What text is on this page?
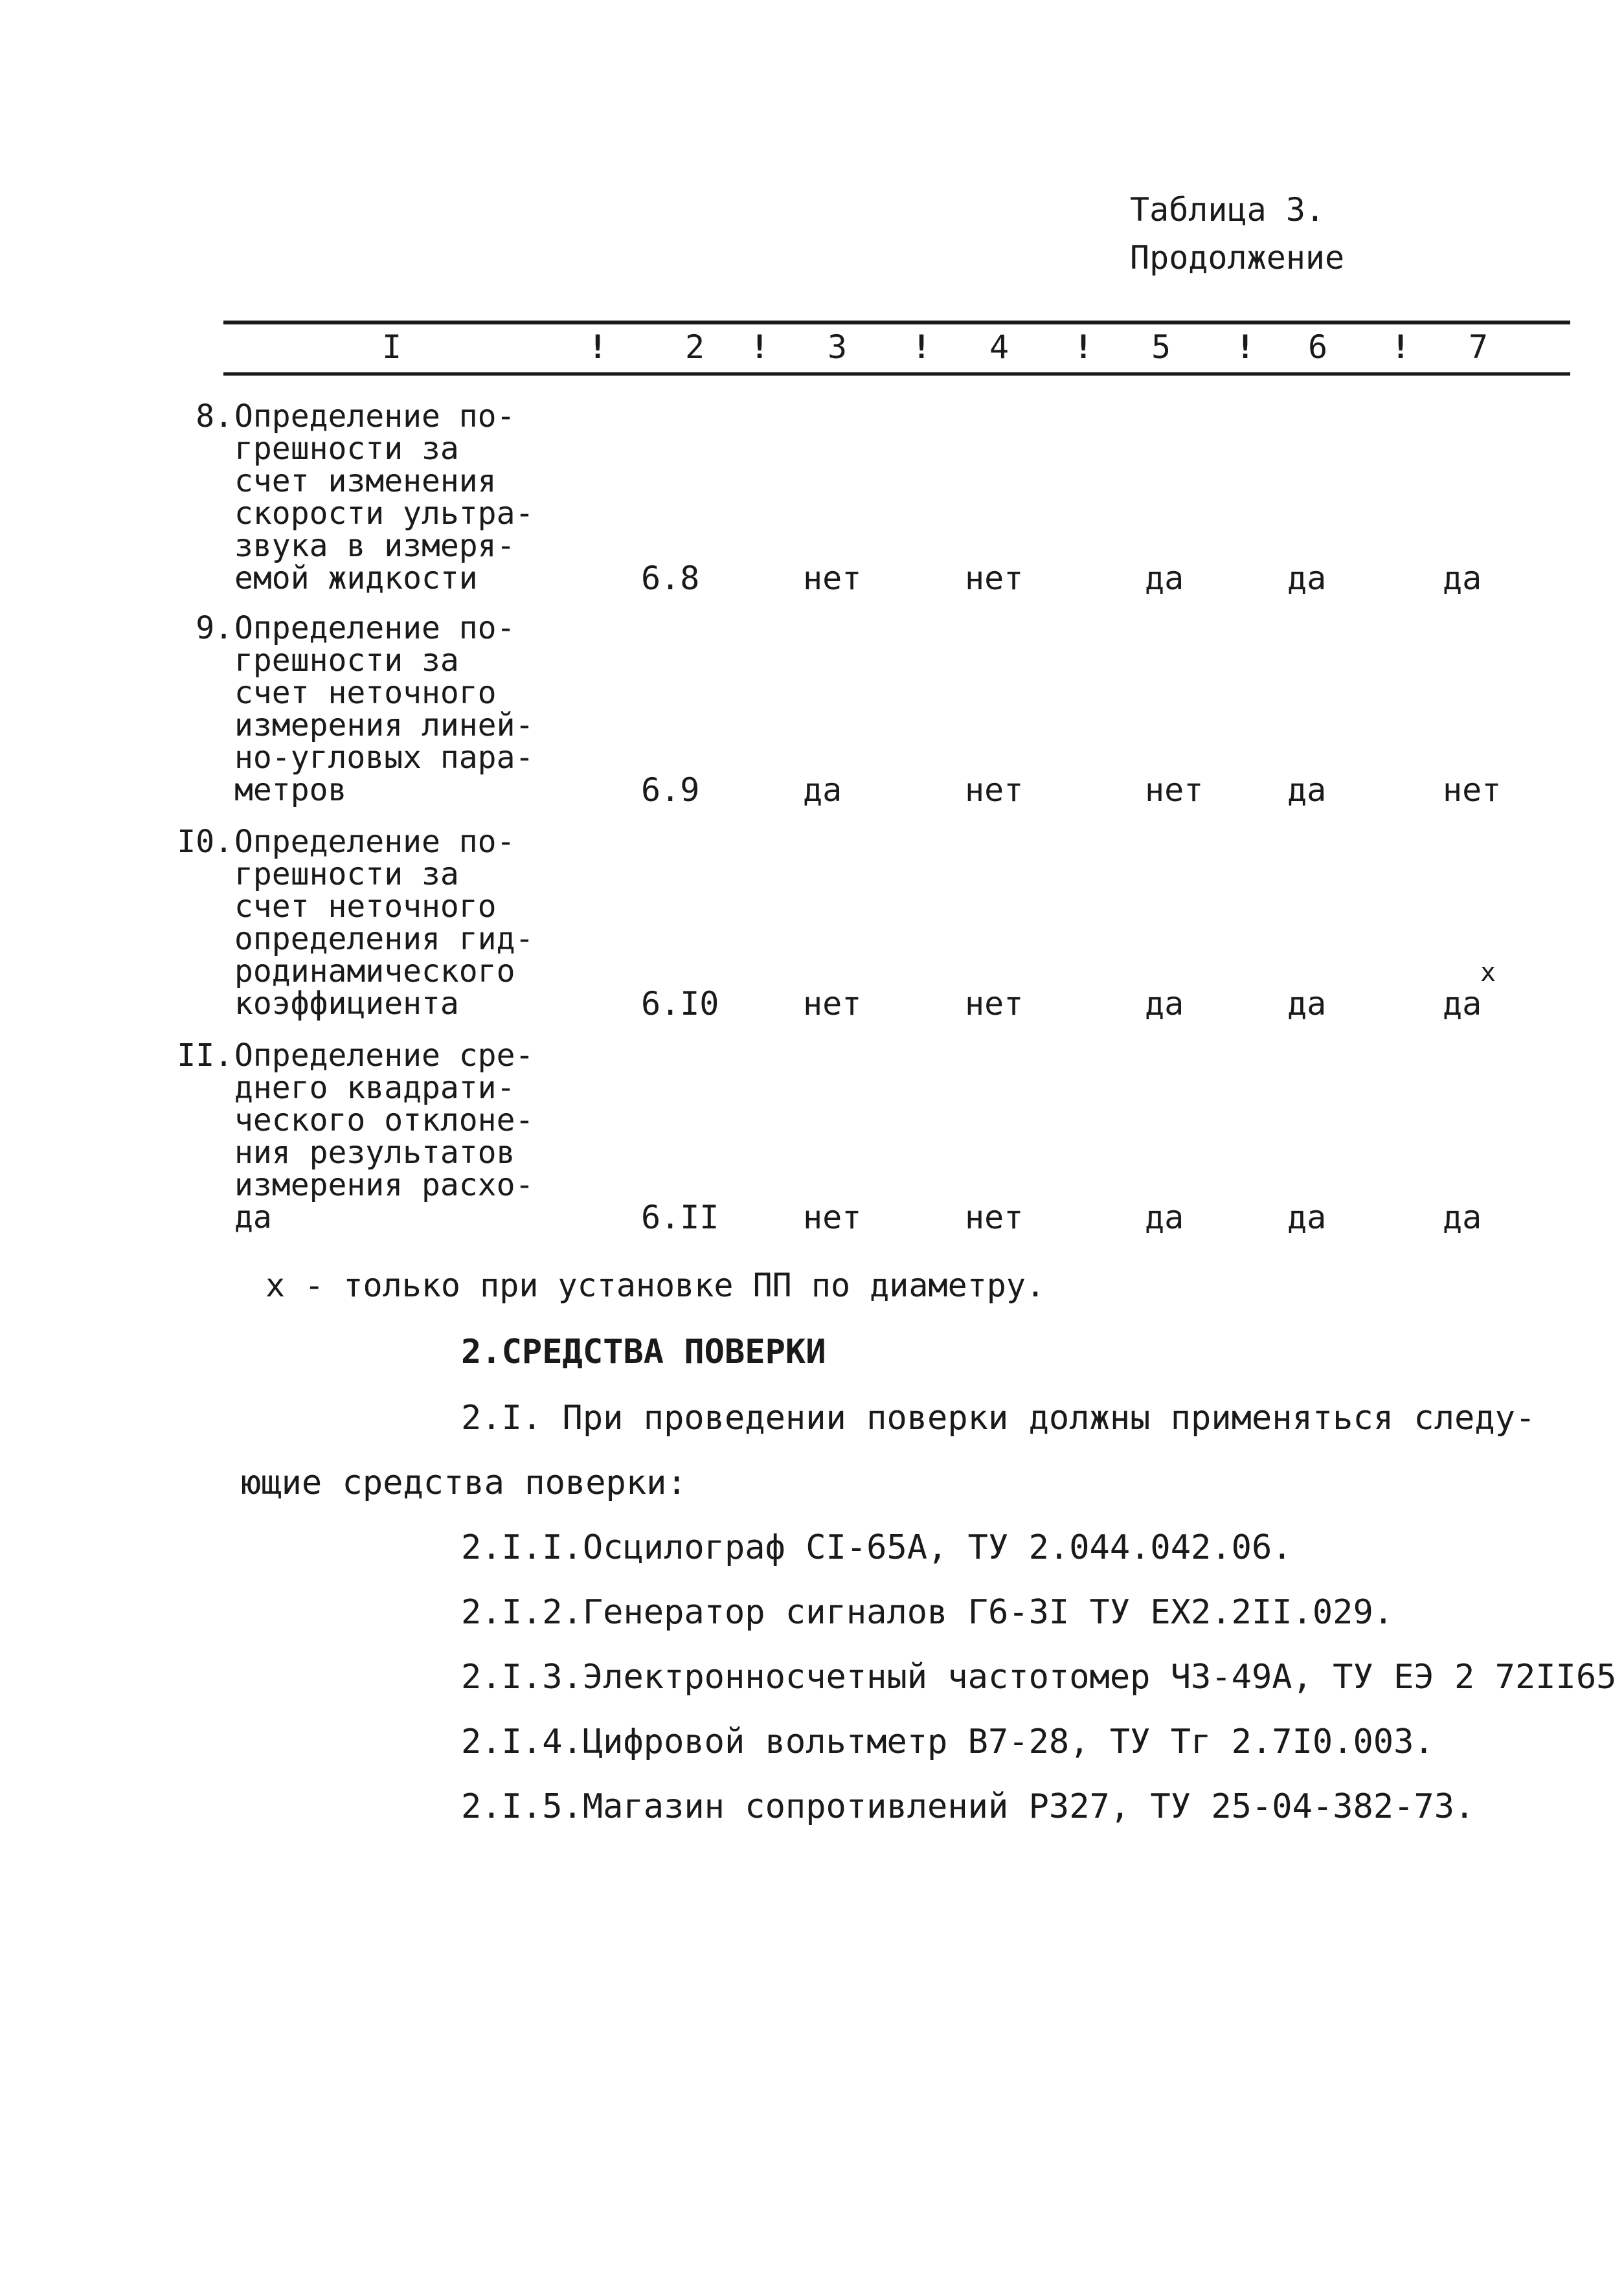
Таблица 3.
Продолжение
I	2	3	4	5	6	7
!	!	!	!	!	!
8. Определение по-
грешности за
счет изменения
скорости ультра-
звука в измеря-
емой жидкости	6.8	нет	нет	да	да	да
9. Определение по-
грешности за
счет неточного
измерения линей-
но-угловых пара-
метров	6.9	да	нет	нет	да	нет
I0. Определение по-
грешности за
счет неточного
определения гид-
родинамического
коэффициента	6.I0	нет	нет	да	да	да
x
II. Определение сре-
днего квадрати-
ческого отклоне-
ния результатов
измерения расхо-
да	6.II	нет	нет	да	да	да
х - только при установке ПП по диаметру.
2.СРЕДСТВА ПОВЕРКИ
2.I. При проведении поверки должны применяться следу-
ющие средства поверки:
2.I.I.Осцилограф СI-65А, ТУ 2.044.042.06.
2.I.2.Генератор сигналов Г6-3I ТУ ЕХ2.2II.029.
2.I.3.Электронносчетный частотомер ЧЗ-49А, ТУ ЕЭ 2 72II65
2.I.4.Цифровой вольтметр В7-28, ТУ Тг 2.7I0.003.
2.I.5.Магазин сопротивлений Р327, ТУ 25-04-382-73.
